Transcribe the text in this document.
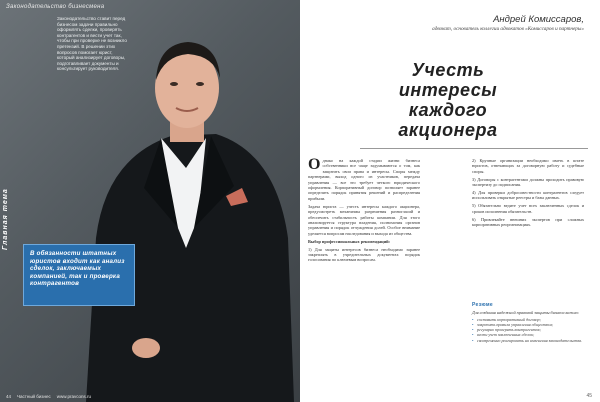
Законодательство бизнесмена
Законодательство ставит перед бизнесом задачи правильно оформлять сделки, проверять контрагентов и вести учет так, чтобы при проверке не возникло претензий. В решении этих вопросов помогает юрист, который анализирует договоры, подготавливает документы и консультирует руководителя.
Главная тема
В обязанности штатных юристов входит как анализ сделок, заключаемых компанией, так и проверка контрагентов
44 Частный бизнес www.pravcons.ru
Андрей Комиссаров,
адвокат, основатель коллегии адвокатов «Комиссаров и партнеры»
Учесть интересы каждого акционера

Однако на каждой стадии жизни бизнеса собственники все чаще задумываются о том, как защитить свои права и интересы. Споры между партнерами, выход одного из участников, передача управления — все это требует четкого юридического оформления. Корпоративный договор позволяет заранее определить порядок принятия решений и распределения прибыли.

Задача юриста — учесть интересы каждого акционера, предусмотреть механизмы разрешения разногласий и обеспечить стабильность работы компании. Для этого анализируется структура владения, полномочия органов управления и порядок отчуждения долей. Особое внимание уделяется вопросам наследования и выхода из общества.

Выбор профессиональных рекомендаций:

1) Для защиты интересов бизнеса необходимо заранее закреплять в учредительных документах порядок голосования по ключевым вопросам.

2) Крупные организации необходимо иметь в штате юристов, отвечающих за договорную работу и судебные споры.

3) Договоры с контрагентами должны проходить правовую экспертизу до подписания.

4) Для проверки добросовестности контрагентов следует использовать открытые реестры и базы данных.

5) Обязательно ведите учет всех заключенных сделок и сроков исполнения обязательств.

6) Привлекайте внешних экспертов при сложных корпоративных реорганизациях.

Резюме
Для создания надежной правовой защиты бизнеса важно:
• составить корпоративный договор;
• закрепить правила управления обществом;
• регулярно проверять контрагентов;
• вести учет заключенных сделок;
• своевременно реагировать на изменения законодательства.
45
